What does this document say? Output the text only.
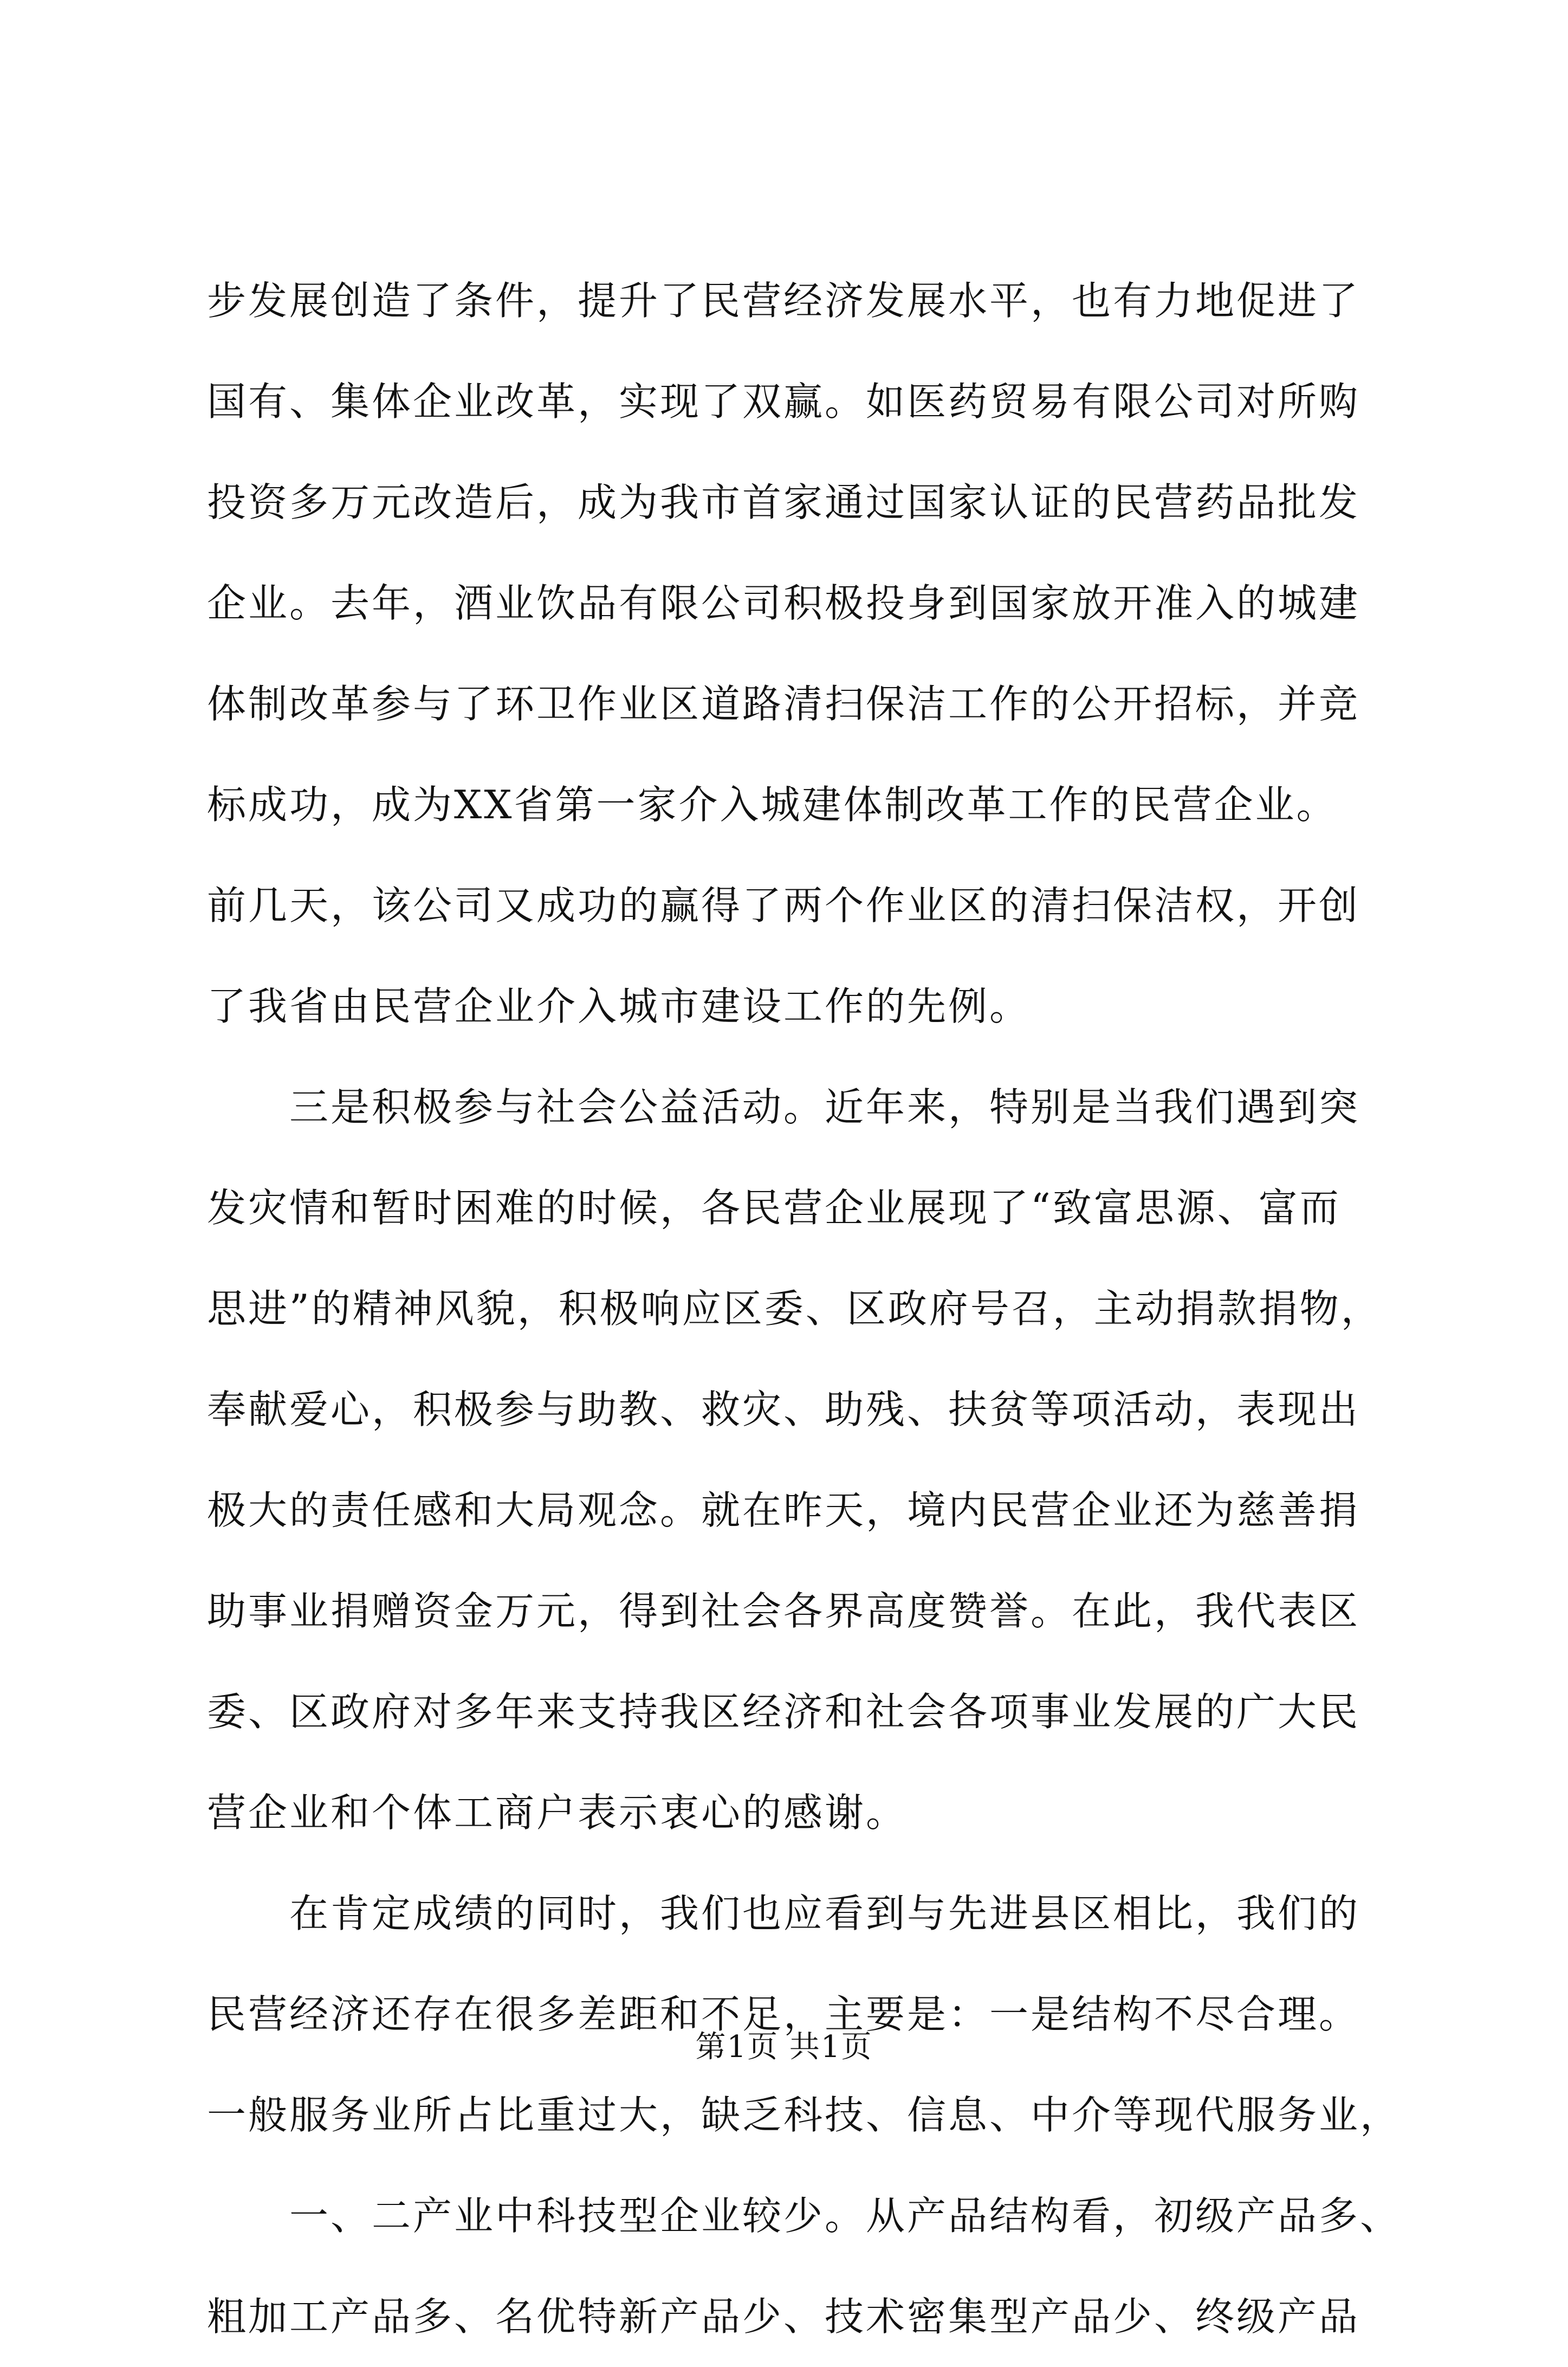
步发展创造了条件，提升了民营经济发展水平，也有力地促进了
国有、集体企业改革，实现了双赢。如医药贸易有限公司对所购
投资多万元改造后，成为我市首家通过国家认证的民营药品批发
企业。去年，酒业饮品有限公司积极投身到国家放开准入的城建
体制改革参与了环卫作业区道路清扫保洁工作的公开招标，并竞
标成功，成为XX省第一家介入城建体制改革工作的民营企业。
前几天，该公司又成功的赢得了两个作业区的清扫保洁权，开创
了我省由民营企业介入城市建设工作的先例。
　　三是积极参与社会公益活动。近年来，特别是当我们遇到突
发灾情和暂时困难的时候，各民营企业展现了“致富思源、富而
思进”的精神风貌，积极响应区委、区政府号召，主动捐款捐物，
奉献爱心，积极参与助教、救灾、助残、扶贫等项活动，表现出
极大的责任感和大局观念。就在昨天，境内民营企业还为慈善捐
助事业捐赠资金万元，得到社会各界高度赞誉。在此，我代表区
委、区政府对多年来支持我区经济和社会各项事业发展的广大民
营企业和个体工商户表示衷心的感谢。
　　在肯定成绩的同时，我们也应看到与先进县区相比，我们的
民营经济还存在很多差距和不足，主要是：一是结构不尽合理。
一般服务业所占比重过大，缺乏科技、信息、中介等现代服务业，
　　一、二产业中科技型企业较少。从产品结构看，初级产品多、
粗加工产品多、名优特新产品少、技术密集型产品少、终级产品
第1页 共1页
